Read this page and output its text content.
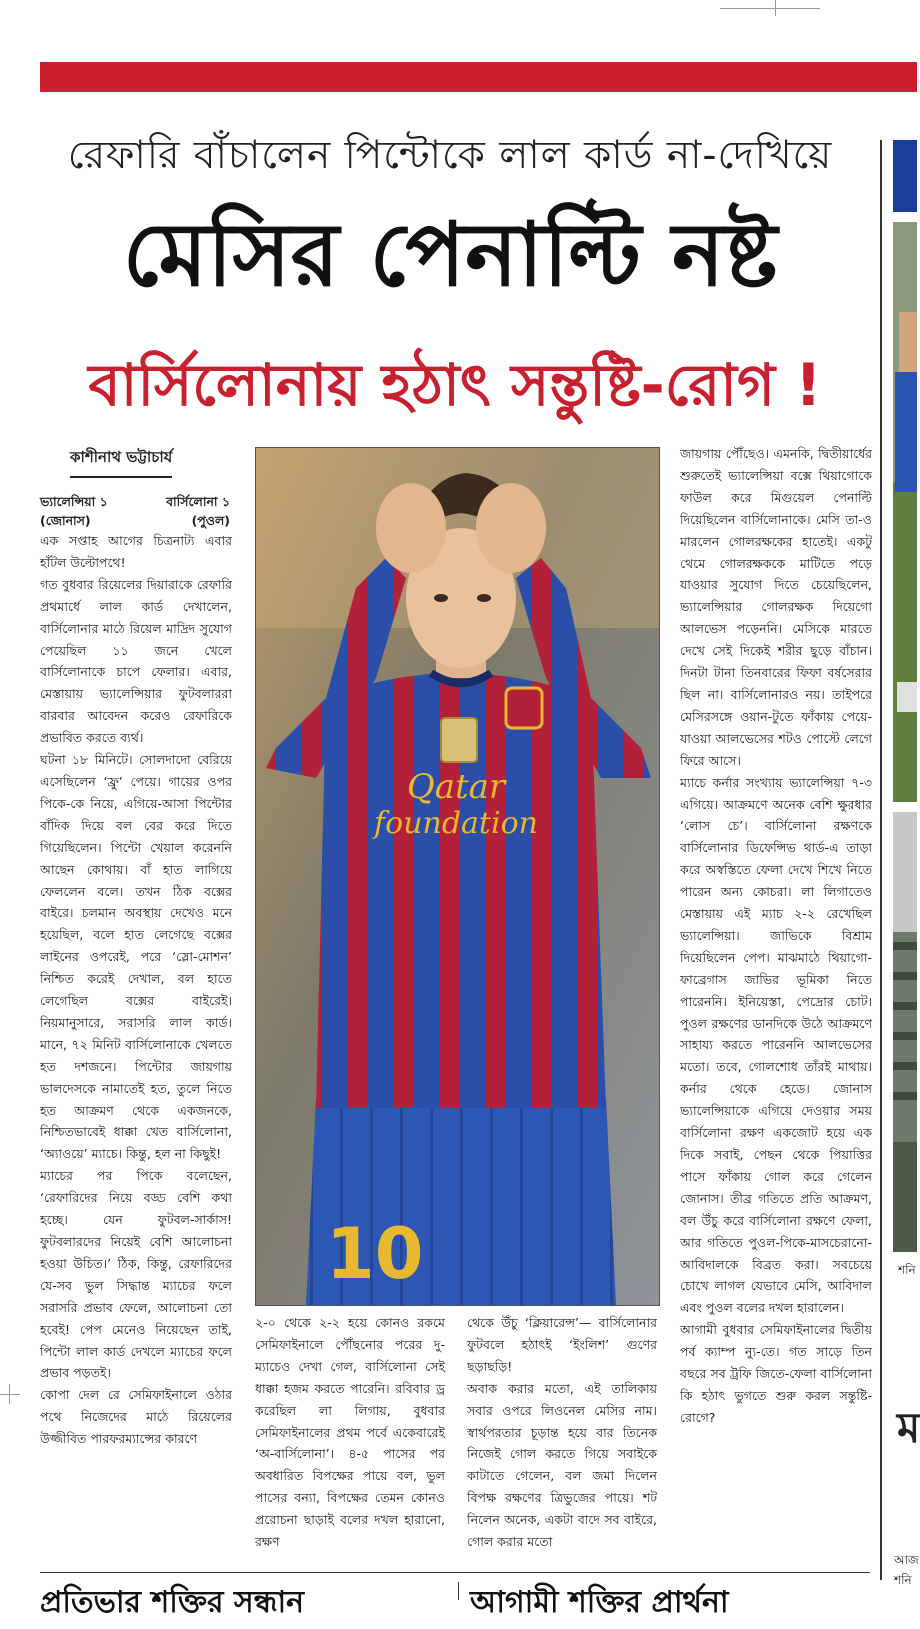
রেফারি বাঁচালেন পিন্টোকে লাল কার্ড না-দেখিয়ে
মেসির পেনাল্টি নষ্ট
বার্সিলোনায় হঠাৎ সন্তুষ্টি-রোগ !
কাশীনাথ ভট্টাচার্য
ভ্যালেন্সিয়া ১	বার্সিলোনা ১
(জোনাস)	(পুওল)

এক সপ্তাহ আগের চিত্রনাট্য এবার হাঁটল উল্টোপথে!

গত বুধবার রিয়েলের দিয়ারাকে রেফারি প্রথমার্ধে লাল কার্ড দেখালেন, বার্সিলোনার মাঠে রিয়েল মাদ্রিদ সুযোগ পেয়েছিল ১১ জনে খেলে বার্সিলোনাকে চাপে ফেলার। এবার, মেস্তায়ায় ভ্যালেন্সিয়ার ফুটবলাররা বারবার আবেদন করেও রেফারিকে প্রভাবিত করতে ব্যর্থ।

ঘটনা ১৮ মিনিটে। সোলদাদো বেরিয়ে এসেছিলেন ‘ফ্রু’ পেয়ে। গায়ের ওপর পিকে-কে নিয়ে, এগিয়ে-আসা পিন্টোর বাঁদিক দিয়ে বল বের করে দিতে গিয়েছিলেন। পিন্টো খেয়াল করেননি আছেন কোথায়। বাঁ হাত লাগিয়ে ফেললেন বলে। তখন ঠিক বক্সের বাইরে। চলমান অবস্থায় দেখেও মনে হয়েছিল, বলে হাত লেগেছে বক্সের লাইনের ওপরেই, পরে ‘স্লো-মোশন’ নিশ্চিত করেই দেখাল, বল হাতে লেগেছিল বক্সের বাইরেই। নিয়মানুসারে, সরাসরি লাল কার্ড। মানে, ৭২ মিনিট বার্সিলোনাকে খেলতে হত দশজনে। পিন্টোর জায়গায় ভালদেসকে নামাতেই হত, তুলে নিতে হত আক্রমণ থেকে একজনকে, নিশ্চিতভাবেই ধাক্কা খেত বার্সিলোনা, ‘অ্যাওয়ে’ ম্যাচে। কিন্তু, হল না কিছুই!

ম্যাচের পর পিকে বলেছেন, ‘রেফারিদের নিয়ে বড্ড বেশি কথা হচ্ছে। যেন ফুটবল-সার্কাস! ফুটবলারদের নিয়েই বেশি আলোচনা হওয়া উচিত।’ ঠিক, কিন্তু, রেফারিদের যে-সব ভুল সিদ্ধান্ত ম্যাচের ফলে সরাসরি প্রভাব ফেলে, আলোচনা তো হবেই! পেপ মেনেও নিয়েছেন তাই, পিন্টো লাল কার্ড দেখলে ম্যাচের ফলে প্রভাব পড়তই।

কোপা দেল রে সেমিফাইনালে ওঠার পথে নিজেদের মাঠে রিয়েলের উজ্জীবিত পারফরম্যান্সের কারণে

10
Qatar
foundation

২-০ থেকে ২-২ হয়ে কোনও রকমে সেমিফাইনালে পৌঁছনোর পরের দু-ম্যাচেও দেখা গেল, বার্সিলোনা সেই ধাক্কা হজম করতে পারেনি। রবিবার ড্র করেছিল লা লিগায়, বুধবার সেমিফাইনালের প্রথম পর্বে একেবারেই ‘অ-বার্সিলোনা’। ৪-৫ পাসের পর অবধারিত বিপক্ষের পায়ে বল, ভুল পাসের বন্যা, বিপক্ষের তেমন কোনও প্ররোচনা ছাড়াই বলের দখল হারানো, রক্ষণ

থেকে উঁচু ‘ক্লিয়ারেন্স’— বার্সিলোনার ফুটবলে হঠাৎই ‘ইংলিশ’ গুণের ছড়াছড়ি!

অবাক করার মতো, এই তালিকায় সবার ওপরে লিওনেল মেসির নাম। স্বার্থপরতার চূড়ান্ত হয়ে বার তিনেক নিজেই গোল করতে গিয়ে সবাইকে কাটাতে গেলেন, বল জমা দিলেন বিপক্ষ রক্ষণের ত্রিভুজের পায়ে। শট নিলেন অনেক, একটা বাদে সব বাইরে, গোল করার মতো

জায়গায় পৌঁছেও। এমনকি, দ্বিতীয়ার্ধের শুরুতেই ভ্যালেন্সিয়া বক্সে থিয়াগোকে ফাউল করে মিগুয়েল পেনাল্টি দিয়েছিলেন বার্সিলোনাকে। মেসি তা-ও মারলেন গোলরক্ষকের হাতেই। একটু থেমে গোলরক্ষককে মাটিতে পড়ে যাওয়ার সুযোগ দিতে চেয়েছিলেন, ভ্যালেন্সিয়ার গোলরক্ষক দিয়েগো আলভেস পড়েননি। মেসিকে মারতে দেখে সেই দিকেই শরীর ছুড়ে বাঁচান। দিনটা টানা তিনবারের ফিফা বর্ষসেরার ছিল না। বার্সিলোনারও নয়। তাইপরে মেসিরসঙ্গে ওয়ান-টুতে ফাঁকায় পেয়ে-যাওয়া আলভেসের শটও পোস্টে লেগে ফিরে আসে।

ম্যাচে কর্নার সংখ্যায় ভ্যালেন্সিয়া ৭-৩ এগিয়ে। আক্রমণে অনেক বেশি ক্ষুরধার ‘লোস চে’। বার্সিলোনা রক্ষণকে বার্সিলোনার ডিফেন্সিভ থার্ড-এ তাড়া করে অস্বস্তিতে ফেলা দেখে শিখে নিতে পারেন অন্য কোচরা। লা লিগাতেও মেস্তায়ায় এই ম্যাচ ২-২ রেখেছিল ভ্যালেন্সিয়া। জাভিকে বিশ্রাম দিয়েছিলেন পেপ। মাঝমাঠে থিয়াগো-ফাব্রেগাস জাভির ভূমিকা নিতে পারেননি। ইনিয়েস্তা, পেদ্রোর চোট। পুওল রক্ষণের ডানদিকে উঠে আক্রমণে সাহায্য করতে পারেননি আলভেসের মতো। তবে, গোলশোধ তাঁরই মাথায়। কর্নার থেকে হেডে। জোনাস ভ্যালেন্সিয়াকে এগিয়ে দেওয়ার সময় বার্সিলোনা রক্ষণ একজোট হয়ে এক দিকে সবাই, পেছন থেকে পিয়াত্তির পাসে ফাঁকায় গোল করে গেলেন জোনাস। তীব্র গতিতে প্রতি আক্রমণ, বল উঁচু করে বার্সিলোনা রক্ষণে ফেলা, আর গতিতে পুওল-পিকে-মাসচেরানো-আবিদালকে বিব্রত করা। সবচেয়ে চোখে লাগল যেভাবে মেসি, আবিদাল এবং পুওল বলের দখল হারালেন।

আগামী বুধবার সেমিফাইনালের দ্বিতীয় পর্ব ক্যাম্প ন্যু-তে। গত সাড়ে তিন বছরে সব ট্রফি জিতে-ফেলা বার্সিলোনা কি হঠাৎ ভুগতে শুরু করল সন্তুষ্টি-রোগে?

প্রতিভার শক্তির সন্ধান	আগামী শক্তির প্রার্থনা
শনি
ম
আজ
শনি
